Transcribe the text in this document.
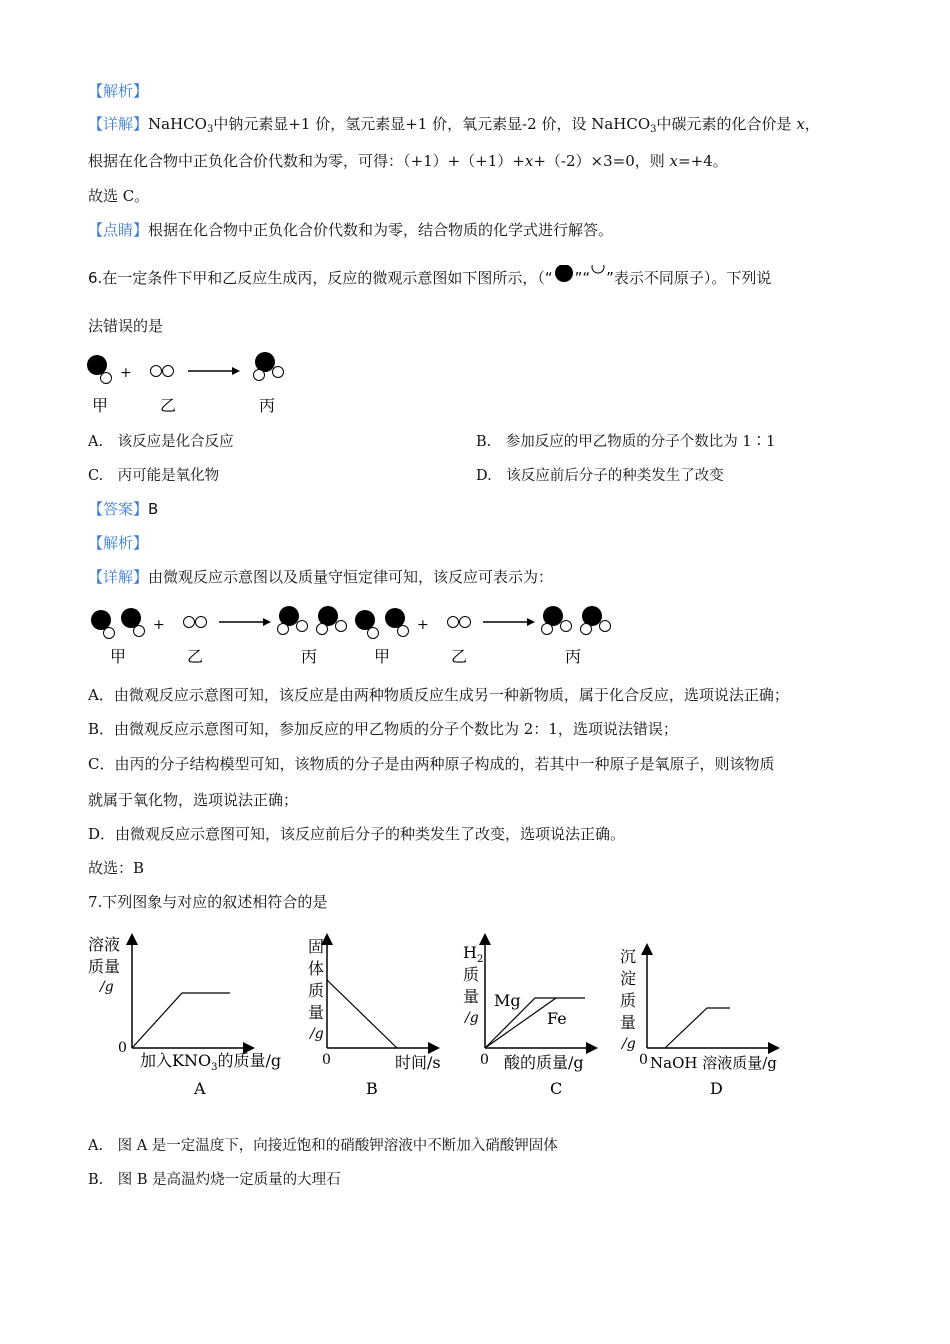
【解析】
【详解】NaHCO$_3$中钠元素显+1 价，氢元素显+1 价，氧元素显-2 价，设 NaHCO$_3$中碳元素的化合价是 x，
根据在化合物中正负化合价代数和为零，可得：（+1）+（+1）+x+（-2）×3=0，则 x=+4。
故选 C。
【点睛】根据在化合物中正负化合价代数和为零，结合物质的化学式进行解答。
6.在一定条件下甲和乙反应生成丙，反应的微观示意图如下图所示，（“ ”“ ”表示不同原子）。下列说
法错误的是
+
甲	乙	丙
A.　该反应是化合反应	B.　参加反应的甲乙物质的分子个数比为 1∶1
C.　丙可能是氧化物	D.　该反应前后分子的种类发生了改变
【答案】B
【解析】
【详解】由微观反应示意图以及质量守恒定律可知，该反应可表示为：
+	+
甲	乙	丙	甲	乙	丙
A．由微观反应示意图可知，该反应是由两种物质反应生成另一种新物质，属于化合反应，选项说法正确；
B．由微观反应示意图可知，参加反应的甲乙物质的分子个数比为 2：1，选项说法错误；
C．由丙的分子结构模型可知，该物质的分子是由两种原子构成的，若其中一种原子是氧原子，则该物质
就属于氧化物，选项说法正确；
D．由微观反应示意图可知，该反应前后分子的种类发生了改变，选项说法正确。
故选：B
7.下列图象与对应的叙述相符合的是
溶液
质量
/g
0
加入$KNO_3$的质量/g
A
固
体
质
量
/g
0	时间/s
B
$H_2$
质
量
/g
0
Mg
Fe
酸的质量/g
C
沉
淀
质
量
/g
0 NaOH 溶液质量/g
D
A.　图 A 是一定温度下，向接近饱和的硝酸钾溶液中不断加入硝酸钾固体
B.　图 B 是高温灼烧一定质量的大理石
